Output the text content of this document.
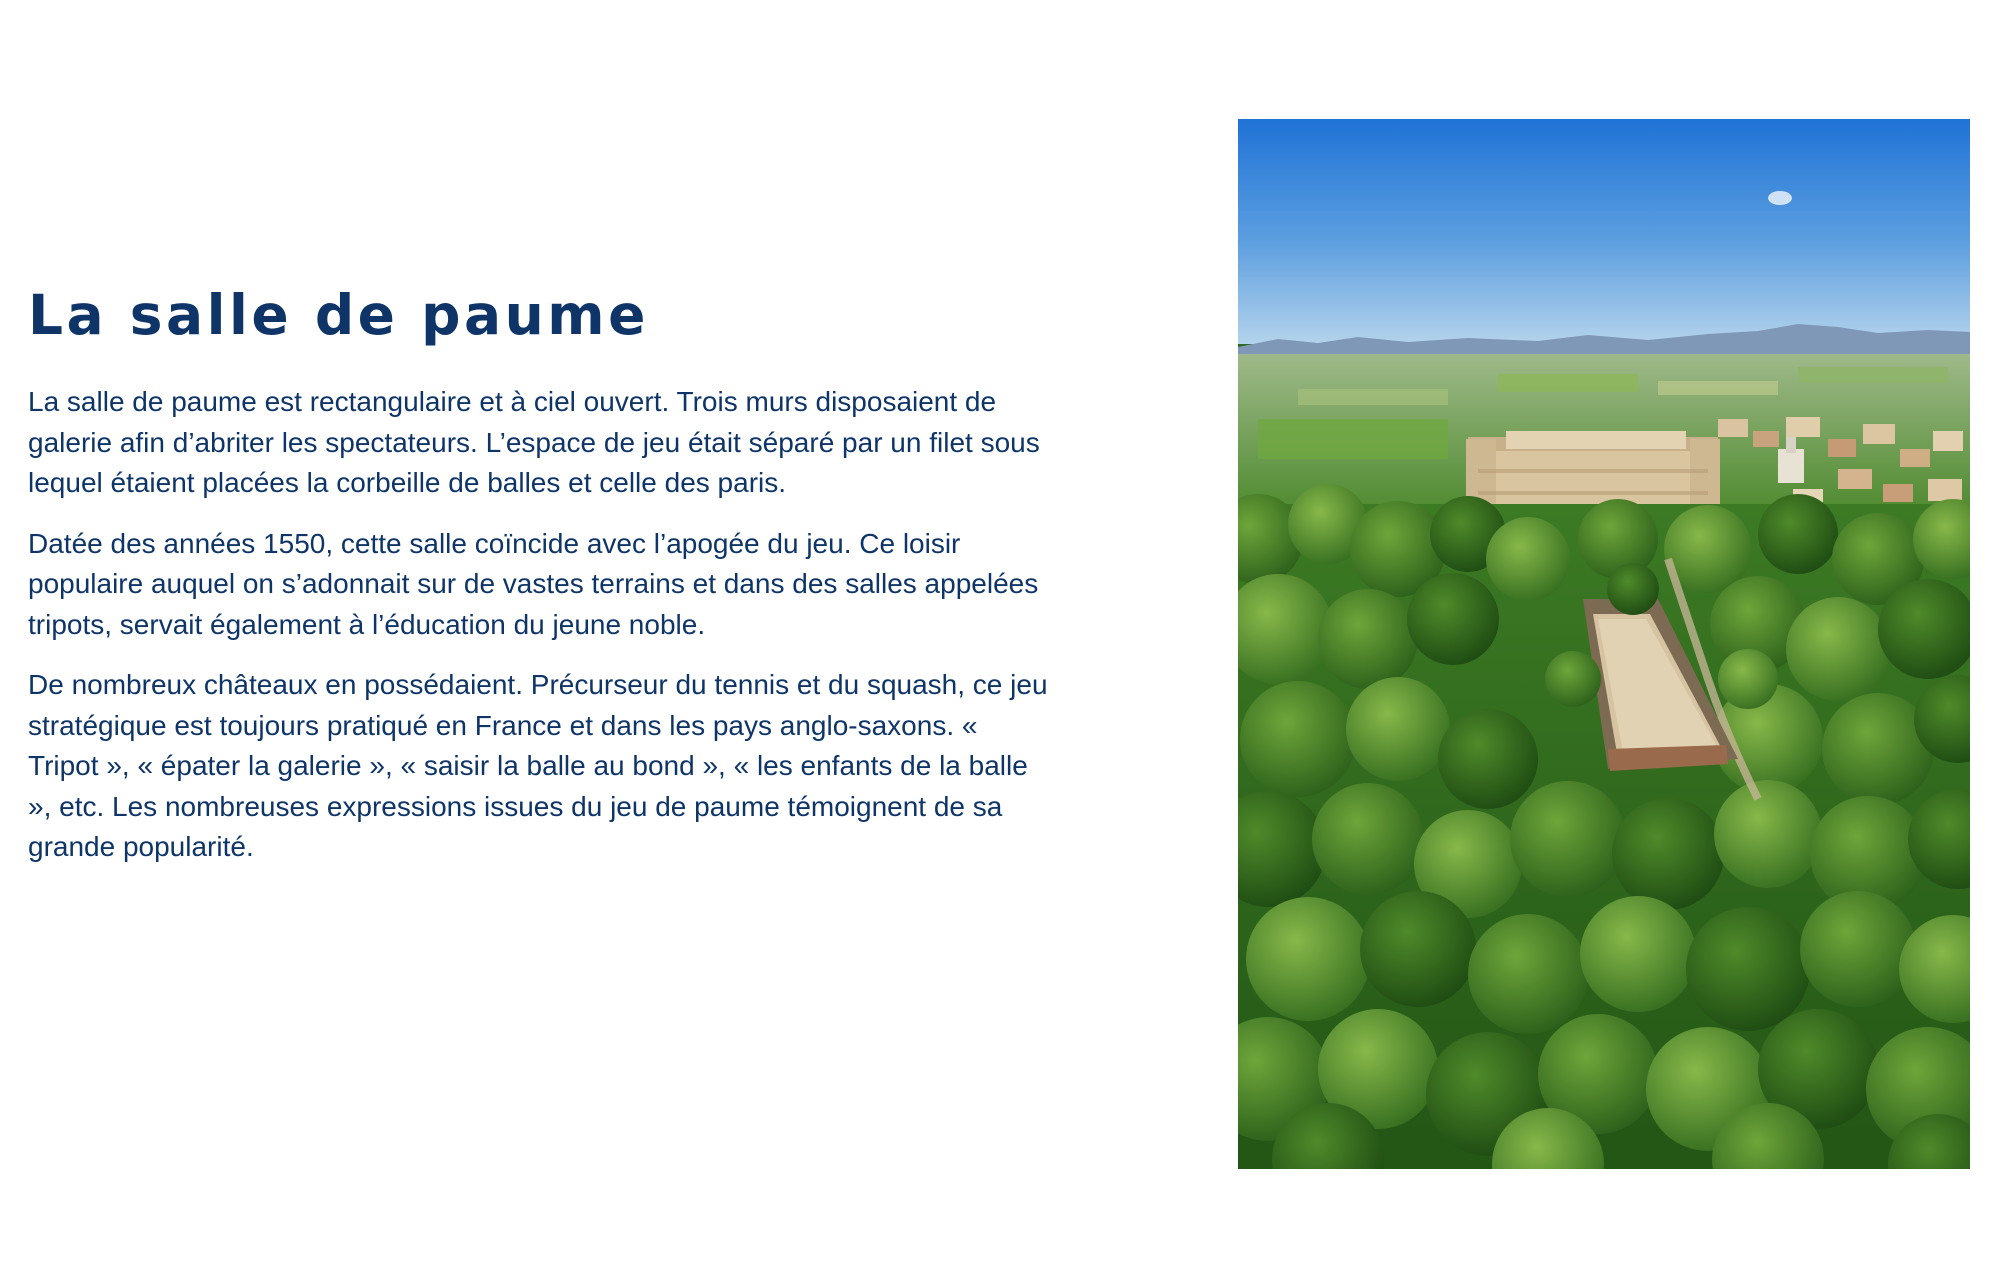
La salle de paume

La salle de paume est rectangulaire et à ciel ouvert. Trois murs disposaient de galerie afin d’abriter les spectateurs. L’espace de jeu était séparé par un filet sous lequel étaient placées la corbeille de balles et celle des paris.

Datée des années 1550, cette salle coïncide avec l’apogée du jeu. Ce loisir populaire auquel on s’adonnait sur de vastes terrains et dans des salles appelées tripots, servait également à l’éducation du jeune noble.

De nombreux châteaux en possédaient. Précurseur du tennis et du squash, ce jeu stratégique est toujours pratiqué en France et dans les pays anglo-saxons. « Tripot », « épater la galerie », « saisir la balle au bond », « les enfants de la balle », etc. Les nombreuses expressions issues du jeu de paume témoignent de sa grande popularité.
